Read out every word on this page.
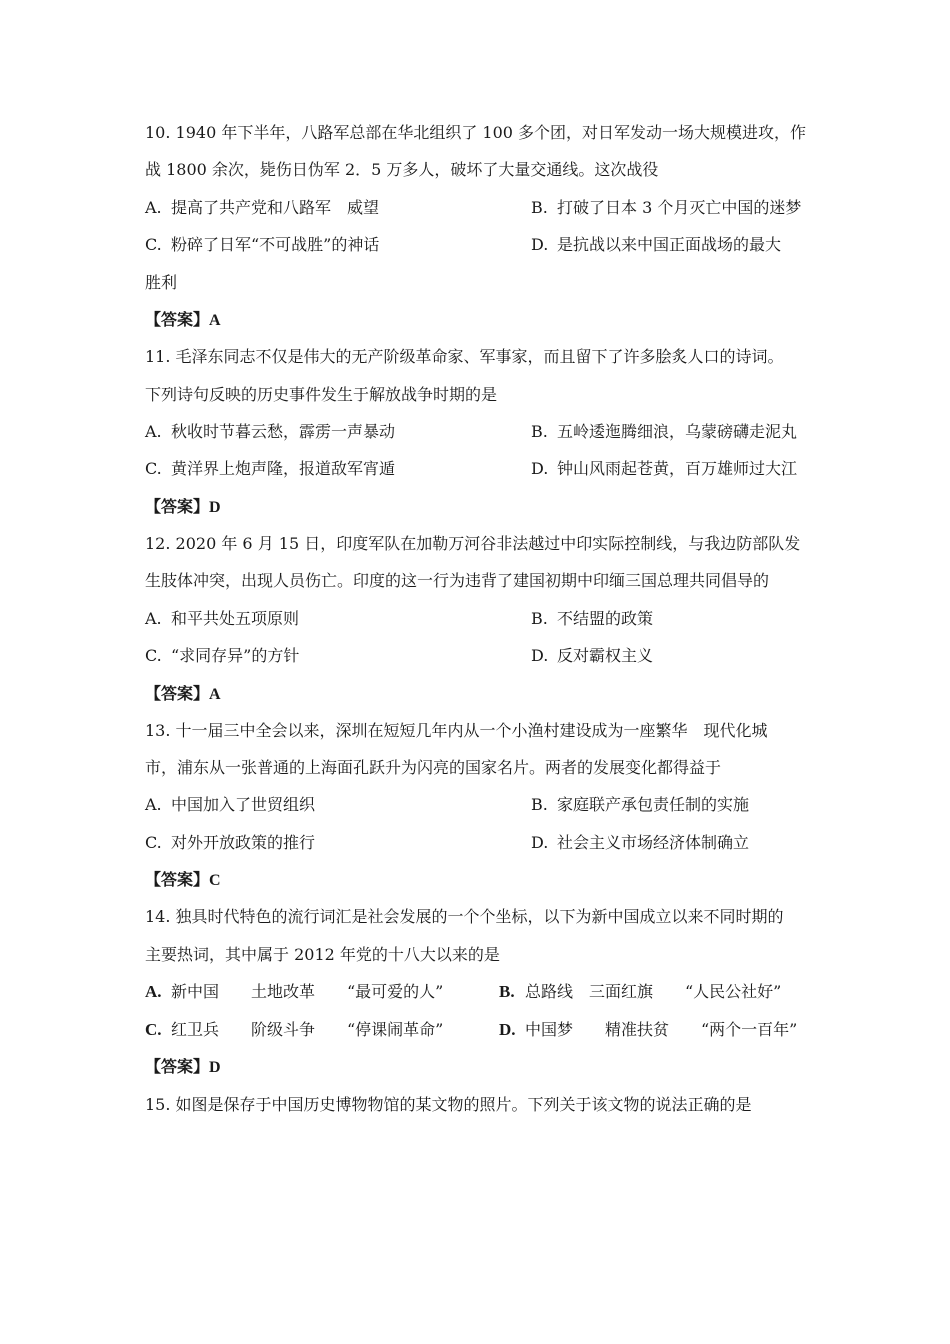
10. 1940 年下半年，八路军总部在华北组织了 100 多个团，对日军发动一场大规模进攻，作
战 1800 余次，毙伤日伪军 2．5 万多人，破坏了大量交通线。这次战役
A. 提高了共产党和八路军　威望	B. 打破了日本 3 个月灭亡中国的迷梦
C. 粉碎了日军“不可战胜”的神话	D. 是抗战以来中国正面战场的最大
胜利
【答案】A
11. 毛泽东同志不仅是伟大的无产阶级革命家、军事家，而且留下了许多脍炙人口的诗词。
下列诗句反映的历史事件发生于解放战争时期的是
A. 秋收时节暮云愁，霹雳一声暴动	B. 五岭逶迤腾细浪，乌蒙磅礴走泥丸
C. 黄洋界上炮声隆，报道敌军宵遁	D. 钟山风雨起苍黄，百万雄师过大江
【答案】D
12. 2020 年 6 月 15 日，印度军队在加勒万河谷非法越过中印实际控制线，与我边防部队发
生肢体冲突，出现人员伤亡。印度的这一行为违背了建国初期中印缅三国总理共同倡导的
A. 和平共处五项原则	B. 不结盟的政策
C. “求同存异”的方针	D. 反对霸权主义
【答案】A
13. 十一届三中全会以来，深圳在短短几年内从一个小渔村建设成为一座繁华　现代化城
市，浦东从一张普通的上海面孔跃升为闪亮的国家名片。两者的发展变化都得益于
A. 中国加入了世贸组织	B. 家庭联产承包责任制的实施
C. 对外开放政策的推行	D. 社会主义市场经济体制确立
【答案】C
14. 独具时代特色的流行词汇是社会发展的一个个坐标，以下为新中国成立以来不同时期的
主要热词，其中属于 2012 年党的十八大以来的是
A. 新中国　　土地改革　　“最可爱的人”	B. 总路线　三面红旗　　“人民公社好”
C. 红卫兵　　阶级斗争　　“停课闹革命”	D. 中国梦　　精准扶贫　　“两个一百年”
【答案】D
15. 如图是保存于中国历史博物物馆的某文物的照片。下列关于该文物的说法正确的是
